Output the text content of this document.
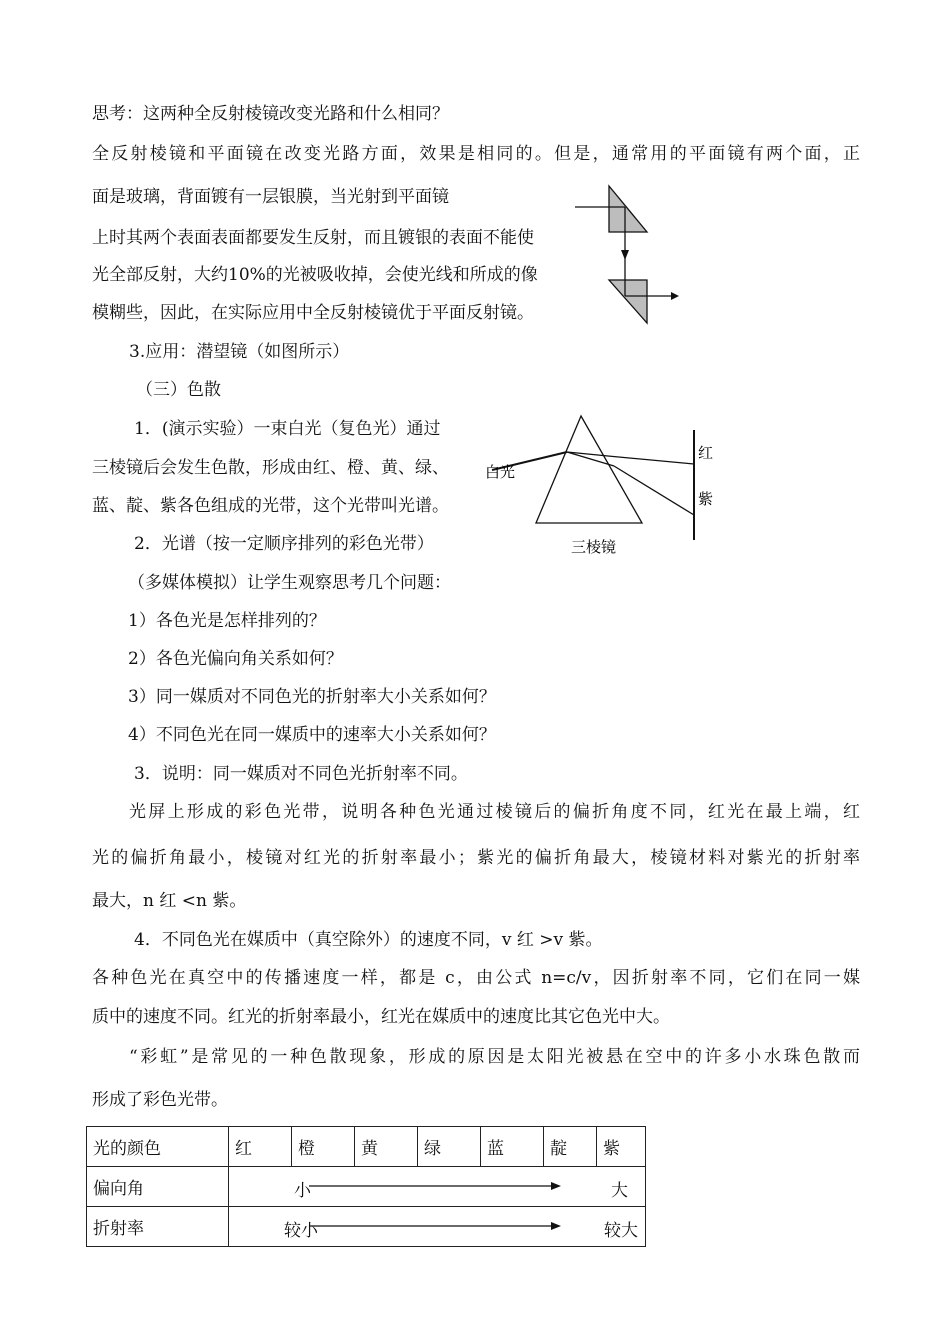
思考：这两种全反射棱镜改变光路和什么相同？
全反射棱镜和平面镜在改变光路方面，效果是相同的。但是，通常用的平面镜有两个面，正
面是玻璃，背面镀有一层银膜，当光射到平面镜
上时其两个表面表面都要发生反射，而且镀银的表面不能使
光全部反射，大约10%的光被吸收掉，会使光线和所成的像
模糊些，因此，在实际应用中全反射棱镜优于平面反射镜。
3.应用：潜望镜（如图所示）
（三）色散
1．(演示实验）一束白光（复色光）通过
三棱镜后会发生色散，形成由红、橙、黄、绿、
蓝、靛、紫各色组成的光带，这个光带叫光谱。
2．光谱（按一定顺序排列的彩色光带）
（多媒体模拟）让学生观察思考几个问题：
1）各色光是怎样排列的？
2）各色光偏向角关系如何？
3）同一媒质对不同色光的折射率大小关系如何？
4）不同色光在同一媒质中的速率大小关系如何？
3．说明：同一媒质对不同色光折射率不同。
光屏上形成的彩色光带，说明各种色光通过棱镜后的偏折角度不同，红光在最上端，红
光的偏折角最小，棱镜对红光的折射率最小；紫光的偏折角最大，棱镜材料对紫光的折射率
最大，n 红 <n 紫。
4．不同色光在媒质中（真空除外）的速度不同，v 红 >v 紫。
各种色光在真空中的传播速度一样，都是 c，由公式 n=c/v，因折射率不同，它们在同一媒
质中的速度不同。红光的折射率最小，红光在媒质中的速度比其它色光中大。
“彩虹”是常见的一种色散现象，形成的原因是太阳光被悬在空中的许多小水珠色散而
形成了彩色光带。
白光
红
紫
三棱镜
光的颜色	红	橙	黄	绿	蓝	靛	紫
偏向角	小 大						

折射率	较小 较大						
